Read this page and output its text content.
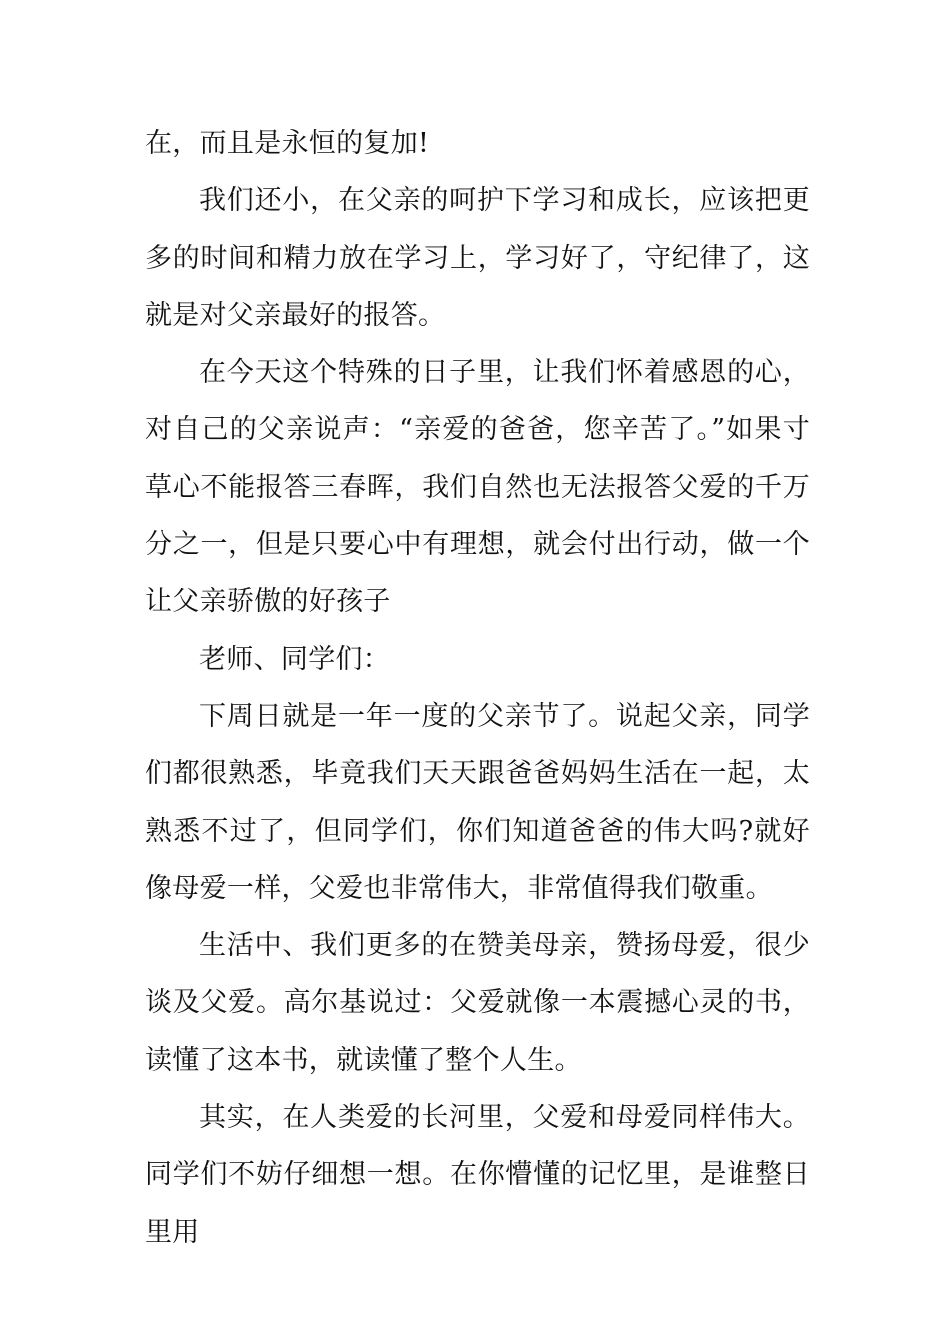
在，而且是永恒的复加!

我们还小，在父亲的呵护下学习和成长，应该把更多的时间和精力放在学习上，学习好了，守纪律了，这就是对父亲最好的报答。

在今天这个特殊的日子里，让我们怀着感恩的心，对自己的父亲说声：“亲爱的爸爸，您辛苦了。”如果寸草心不能报答三春晖，我们自然也无法报答父爱的千万分之一，但是只要心中有理想，就会付出行动，做一个让父亲骄傲的好孩子

老师、同学们：

下周日就是一年一度的父亲节了。说起父亲，同学们都很熟悉，毕竟我们天天跟爸爸妈妈生活在一起，太熟悉不过了，但同学们，你们知道爸爸的伟大吗?就好像母爱一样，父爱也非常伟大，非常值得我们敬重。

生活中、我们更多的在赞美母亲，赞扬母爱，很少谈及父爱。高尔基说过：父爱就像一本震撼心灵的书，读懂了这本书，就读懂了整个人生。

其实，在人类爱的长河里，父爱和母爱同样伟大。同学们不妨仔细想一想。在你懵懂的记忆里，是谁整日里用
